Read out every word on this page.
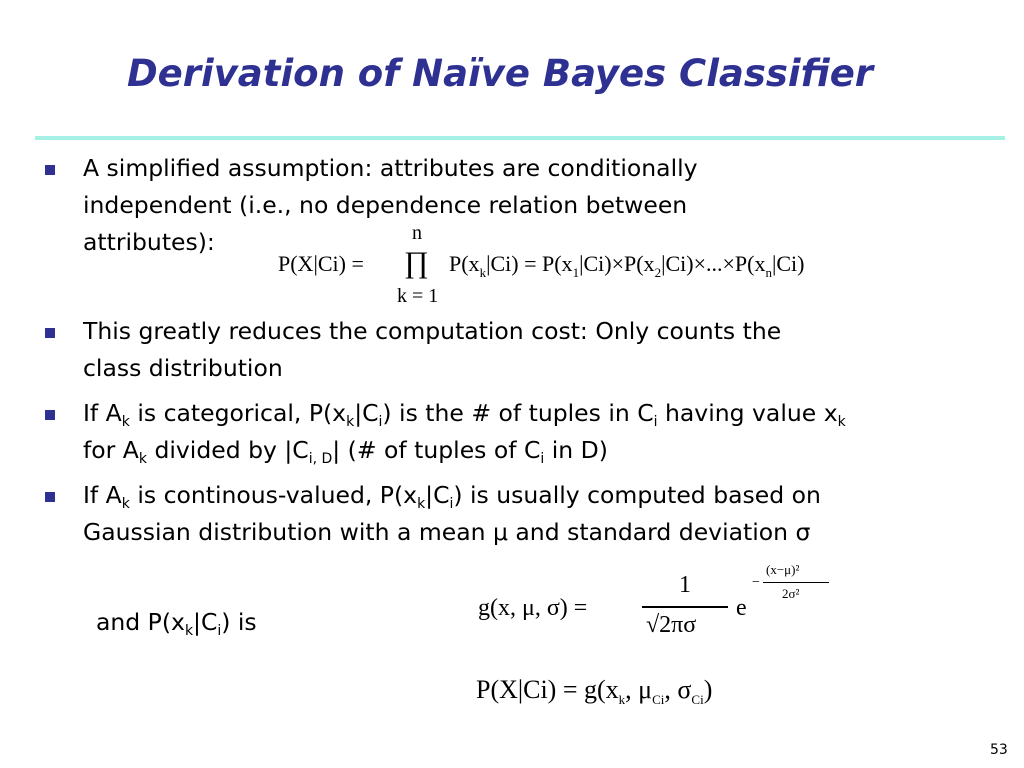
Derivation of Naïve Bayes Classifier
A simplified assumption: attributes are conditionally
independent (i.e., no dependence relation between
attributes):
P(X|Ci) =
n
∏
k = 1
$P(x_k|Ci) = P(x_1|Ci)\times P(x_2|Ci)\times...\times P(x_n|Ci)$
This greatly reduces the computation cost: Only counts the
class distribution
If $A_k$ is categorical, $P(x_k|C_i)$ is the # of tuples in $C_i$ having value $x_k$
for $A_k$ divided by $|C_{i, D}|$ (# of tuples of $C_i$ in D)
If $A_k$ is continous-valued, $P(x_k|C_i)$ is usually computed based on
Gaussian distribution with a mean μ and standard deviation σ
g(x, μ, σ) =
1
√2πσ
e
−
(x−μ)²
2σ²
and $P(x_k|C_i)$ is
$P(X|Ci) = g(x_k$, $\mu_{Ci}$, $\sigma_{Ci}$)
53
